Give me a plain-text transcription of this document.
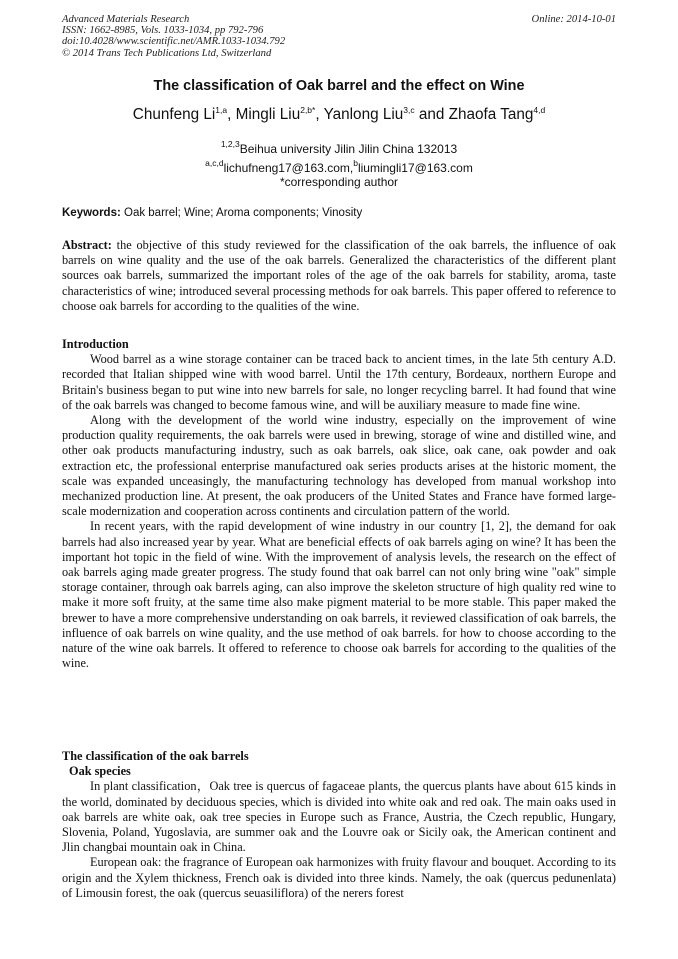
Advanced Materials Research
ISSN: 1662-8985, Vols. 1033-1034, pp 792-796
doi:10.4028/www.scientific.net/AMR.1033-1034.792
© 2014 Trans Tech Publications Ltd, Switzerland
Online: 2014-10-01
The classification of Oak barrel and the effect on Wine
Chunfeng Li$^{1,a}$, Mingli Liu$^{2,b*}$, Yanlong Liu$^{3,c}$ and Zhaofa Tang$^{4,d}$
$^{1,2,3}$Beihua university Jilin Jilin China 132013
$^{a,c,d}$lichufneng17@163.com,$^b$liumingli17@163.com
*corresponding author
Keywords: Oak barrel; Wine; Aroma components; Vinosity

Abstract: the objective of this study reviewed for the classification of the oak barrels, the influence of oak barrels on wine quality and the use of the oak barrels. Generalized the characteristics of the different plant sources oak barrels, summarized the important roles of the age of the oak barrels for stability, aroma, taste characteristics of wine; introduced several processing methods for oak barrels. This paper offered to reference to choose oak barrels for according to the qualities of the wine.

Introduction

Wood barrel as a wine storage container can be traced back to ancient times, in the late 5th century A.D. recorded that Italian shipped wine with wood barrel. Until the 17th century, Bordeaux, northern Europe and Britain's business began to put wine into new barrels for sale, no longer recycling barrel. It had found that wine of the oak barrels was changed to become famous wine, and will be auxiliary measure to made fine wine.

Along with the development of the world wine industry, especially on the improvement of wine production quality requirements, the oak barrels were used in brewing, storage of wine and distilled wine, and other oak products manufacturing industry, such as oak barrels, oak slice, oak cane, oak powder and oak extraction etc, the professional enterprise manufactured oak series products arises at the historic moment, the scale was expanded unceasingly, the manufacturing technology has developed from manual workshop into mechanized production line. At present, the oak producers of the United States and France have formed large-scale modernization and cooperation across continents and circulation pattern of the world.

In recent years, with the rapid development of wine industry in our country [1, 2], the demand for oak barrels had also increased year by year. What are beneficial effects of oak barrels aging on wine? It has been the important hot topic in the field of wine. With the improvement of analysis levels, the research on the effect of oak barrels aging made greater progress. The study found that oak barrel can not only bring wine "oak" simple storage container, through oak barrels aging, can also improve the skeleton structure of high quality red wine to make it more soft fruity, at the same time also make pigment material to be more stable. This paper maked the brewer to have a more comprehensive understanding on oak barrels, it reviewed classification of oak barrels, the influence of oak barrels on wine quality, and the use method of oak barrels. for how to choose according to the nature of the wine oak barrels. It offered to reference to choose oak barrels for according to the qualities of the wine.

The classification of the oak barrels

Oak species

In plant classification，Oak tree is quercus of fagaceae plants, the quercus plants have about 615 kinds in the world, dominated by deciduous species, which is divided into white oak and red oak. The main oaks used in oak barrels are white oak, oak tree species in Europe such as France, Austria, the Czech republic, Hungary, Slovenia, Poland, Yugoslavia, are summer oak and the Louvre oak or Sicily oak, the American continent and Jlin changbai mountain oak in China.

European oak: the fragrance of European oak harmonizes with fruity flavour and bouquet. According to its origin and the Xylem thickness, French oak is divided into three kinds. Namely, the oak (quercus pedunenlata) of Limousin forest, the oak (quercus seuasiliflora) of the nerers forest
